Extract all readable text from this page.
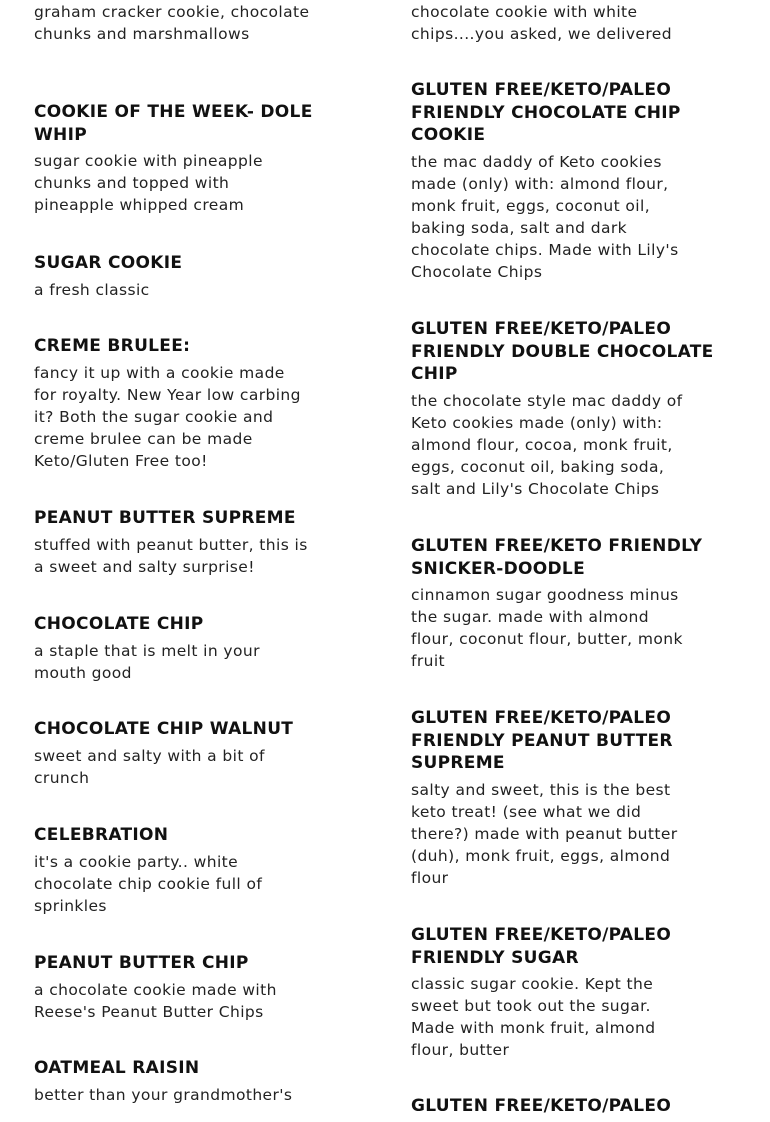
graham cracker cookie, chocolate chunks and marshmallows

COOKIE OF THE WEEK- DOLE WHIP

sugar cookie with pineapple chunks and topped with pineapple whipped cream

SUGAR COOKIE

a fresh classic

CREME BRULEE:

fancy it up with a cookie made for royalty. New Year low carbing it? Both the sugar cookie and creme brulee can be made Keto/Gluten Free too!

PEANUT BUTTER SUPREME

stuffed with peanut butter, this is a sweet and salty surprise!

CHOCOLATE CHIP

a staple that is melt in your mouth good

CHOCOLATE CHIP WALNUT

sweet and salty with a bit of crunch

CELEBRATION

it's a cookie party.. white chocolate chip cookie full of sprinkles

PEANUT BUTTER CHIP

a chocolate cookie made with Reese's Peanut Butter Chips

OATMEAL RAISIN

better than your grandmother's

chocolate cookie with white chips....you asked, we delivered

GLUTEN FREE/KETO/PALEO FRIENDLY CHOCOLATE CHIP COOKIE

the mac daddy of Keto cookies made (only) with: almond flour, monk fruit, eggs, coconut oil, baking soda, salt and dark chocolate chips. Made with Lily's Chocolate Chips

GLUTEN FREE/KETO/PALEO FRIENDLY DOUBLE CHOCOLATE CHIP

the chocolate style mac daddy of Keto cookies made (only) with: almond flour, cocoa, monk fruit, eggs, coconut oil, baking soda, salt and Lily's Chocolate Chips

GLUTEN FREE/KETO FRIENDLY SNICKER-DOODLE

cinnamon sugar goodness minus the sugar. made with almond flour, coconut flour, butter, monk fruit

GLUTEN FREE/KETO/PALEO FRIENDLY PEANUT BUTTER SUPREME

salty and sweet, this is the best keto treat! (see what we did there?) made with peanut butter (duh), monk fruit, eggs, almond flour

GLUTEN FREE/KETO/PALEO FRIENDLY SUGAR

classic sugar cookie. Kept the sweet but took out the sugar. Made with monk fruit, almond flour, butter

GLUTEN FREE/KETO/PALEO
